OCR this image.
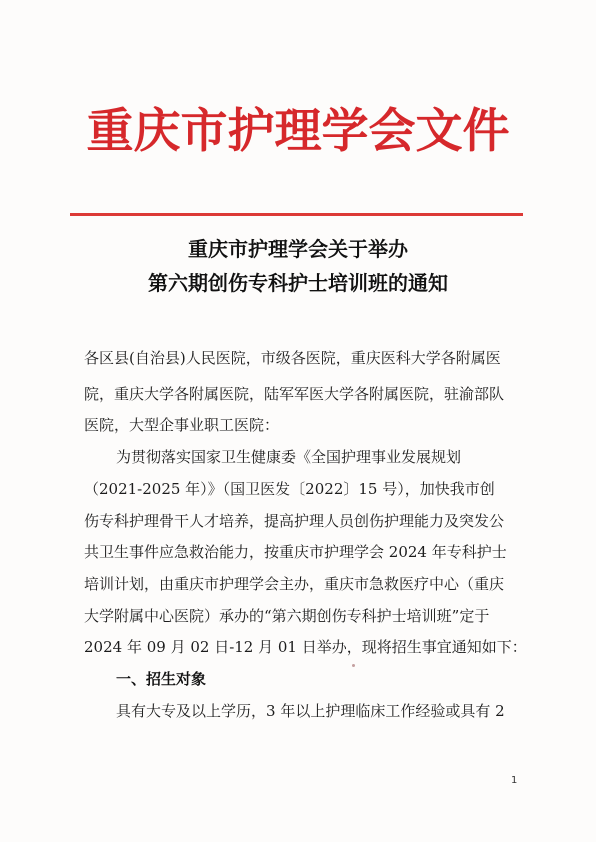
重庆市护理学会文件
重庆市护理学会关于举办
第六期创伤专科护士培训班的通知
各区县(自治县)人民医院，市级各医院，重庆医科大学各附属医
院，重庆大学各附属医院，陆军军医大学各附属医院，驻渝部队
医院，大型企事业职工医院：
为贯彻落实国家卫生健康委《全国护理事业发展规划
（2021-2025 年）》（国卫医发〔2022〕15 号），加快我市创
伤专科护理骨干人才培养，提高护理人员创伤护理能力及突发公
共卫生事件应急救治能力，按重庆市护理学会 2024 年专科护士
培训计划，由重庆市护理学会主办，重庆市急救医疗中心（重庆
大学附属中心医院）承办的“第六期创伤专科护士培训班”定于
2024 年 09 月 02 日-12 月 01 日举办，现将招生事宜通知如下：
一、招生对象
具有大专及以上学历，3 年以上护理临床工作经验或具有 2
1
